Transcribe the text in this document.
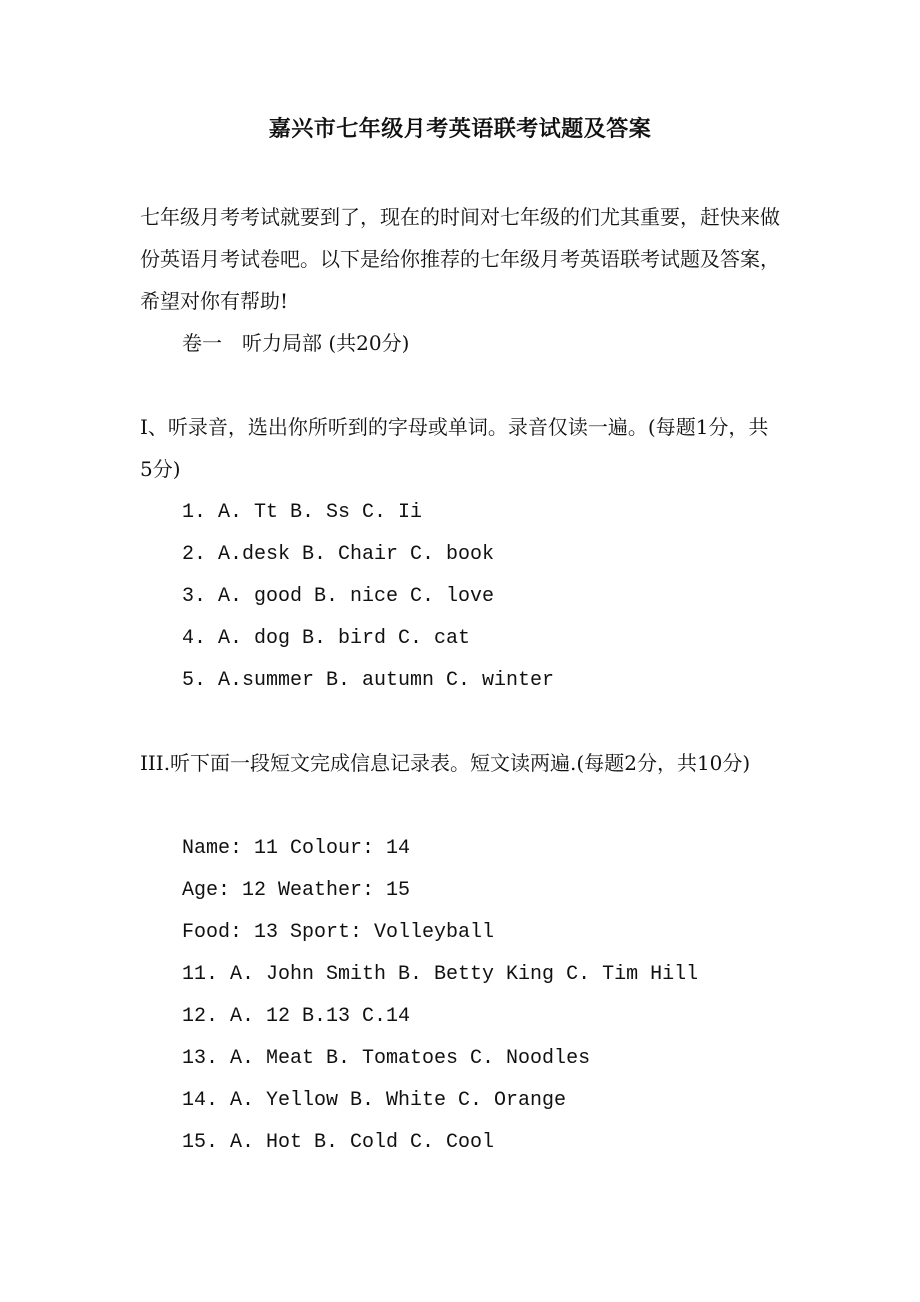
嘉兴市七年级月考英语联考试题及答案

七年级月考考试就要到了，现在的时间对七年级的们尤其重要，赶快来做份英语月考试卷吧。以下是给你推荐的七年级月考英语联考试题及答案，希望对你有帮助!

卷一　听力局部 (共20分)

I、听录音，选出你所听到的字母或单词。录音仅读一遍。(每题1分，共5分)

1. A. Tt B. Ss C. Ii
2. A.desk B. Chair C. book
3. A. good B. nice C. love
4. A. dog B. bird C. cat
5. A.summer B. autumn C. winter

III.听下面一段短文完成信息记录表。短文读两遍.(每题2分，共10分)

Name: 11 Colour: 14
Age: 12 Weather: 15
Food: 13 Sport: Volleyball
11. A. John Smith B. Betty King C. Tim Hill
12. A. 12 B.13 C.14
13. A. Meat B. Tomatoes C. Noodles
14. A. Yellow B. White C. Orange
15. A. Hot B. Cold C. Cool
